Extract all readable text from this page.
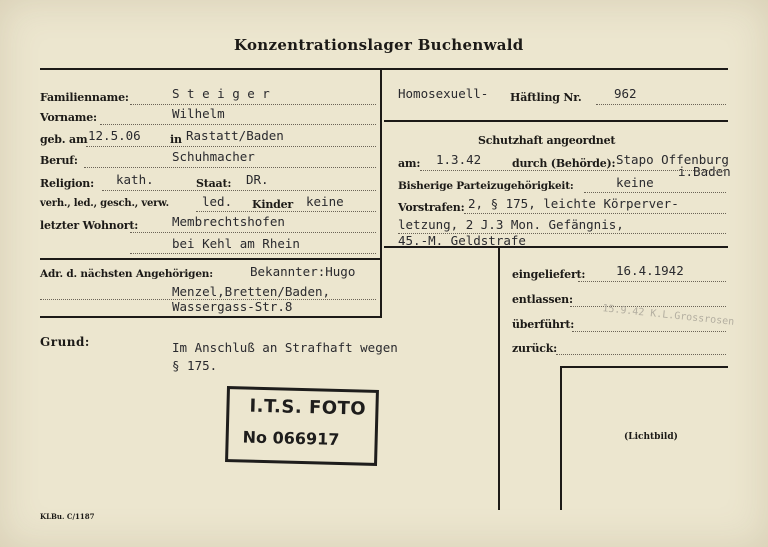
Konzentrationslager Buchenwald
Familienname:	S t e i g e r
Vorname:	Wilhelm
geb. am 12.5.06	in Rastatt/Baden
Beruf:	Schuhmacher
Religion: kath.	Staat: DR.
verh., led., gesch., verw.	led. Kinder keine
letzter Wohnort:	Membrechtshofen
bei Kehl am Rhein
Adr. d. nächsten Angehörigen:	Bekannter:Hugo
Menzel,Bretten/Baden,
Wassergass-Str.8
Homosexuell- Häftling Nr.	962
Schutzhaft angeordnet
am: 1.3.42	durch (Behörde): Stapo Offenburg
i.Baden
Bisherige Parteizugehörigkeit:	keine
Vorstrafen: 2, § 175, leichte Körperver-
letzung, 2 J.3 Mon. Gefängnis,
45.-M. Geldstrafe
eingeliefert: 16.4.1942
entlassen:
überführt:	15.9.42 K.L.Grossrosen
zurück:
(Lichtbild)
Grund:	Im Anschluß an Strafhaft wegen
§ 175.
I.T.S. FOTO
No 066917
KLBu. C/1187
